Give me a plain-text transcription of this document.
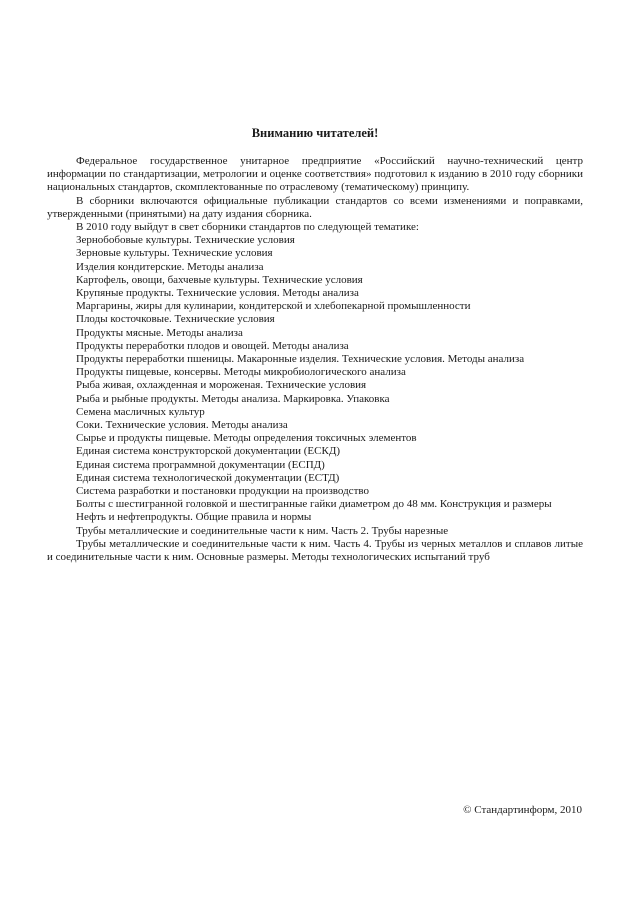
Вниманию читателей!

Федеральное государственное унитарное предприятие «Российский научно-технический центр информации по стандартизации, метрологии и оценке соответствия» подготовил к изданию в 2010 году сборники национальных стандартов, скомплектованные по отраслевому (тематическому) принципу.

В сборники включаются официальные публикации стандартов со всеми изменениями и поправками, утвержденными (принятыми) на дату издания сборника.

В 2010 году выйдут в свет сборники стандартов по следующей тематике:

Зернобобовые культуры. Технические условия

Зерновые культуры. Технические условия

Изделия кондитерские. Методы анализа

Картофель, овощи, бахчевые культуры. Технические условия

Крупяные продукты. Технические условия. Методы анализа

Маргарины, жиры для кулинарии, кондитерской и хлебопекарной промышленности

Плоды косточковые. Технические условия

Продукты мясные. Методы анализа

Продукты переработки плодов и овощей. Методы анализа

Продукты переработки пшеницы. Макаронные изделия. Технические условия. Методы анализа

Продукты пищевые, консервы. Методы микробиологического анализа

Рыба живая, охлажденная и мороженая. Технические условия

Рыба и рыбные продукты. Методы анализа. Маркировка. Упаковка

Семена масличных культур

Соки. Технические условия. Методы анализа

Сырье и продукты пищевые. Методы определения токсичных элементов

Единая система конструкторской документации (ЕСКД)

Единая система программной документации (ЕСПД)

Единая система технологической документации (ЕСТД)

Система разработки и постановки продукции на производство

Болты с шестигранной головкой и шестигранные гайки диаметром до 48 мм. Конструкция и размеры

Нефть и нефтепродукты. Общие правила и нормы

Трубы металлические и соединительные части к ним. Часть 2. Трубы нарезные

Трубы металлические и соединительные части к ним. Часть 4. Трубы из черных металлов и сплавов литые и соединительные части к ним. Основные размеры. Методы технологических испытаний труб

© Стандартинформ, 2010
